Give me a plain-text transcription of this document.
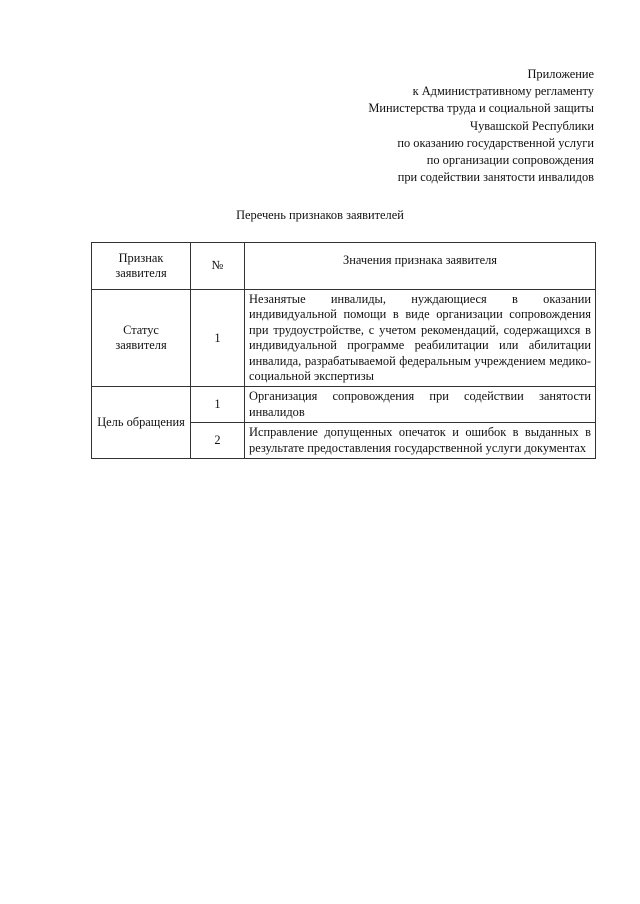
Приложение
к Административному регламенту
Министерства труда и социальной защиты
Чувашской Республики
по оказанию государственной услуги
по организации сопровождения
при содействии занятости инвалидов
Перечень признаков заявителей
Признак заявителя	№	Значения признака заявителя
Статус заявителя	1	Незанятые инвалиды, нуждающиеся в оказании индивидуальной помощи в виде организации сопровождения при трудоустройстве, с учетом рекомендаций, содержащихся в индивидуальной программе реабилитации или абилитации инвалида, разрабатываемой федеральным учреждением медико-социальной экспертизы
Цель обращения	1	Организация сопровождения при содействии занятости инвалидов
	2	Исправление допущенных опечаток и ошибок в выданных в результате предоставления государственной услуги документах
